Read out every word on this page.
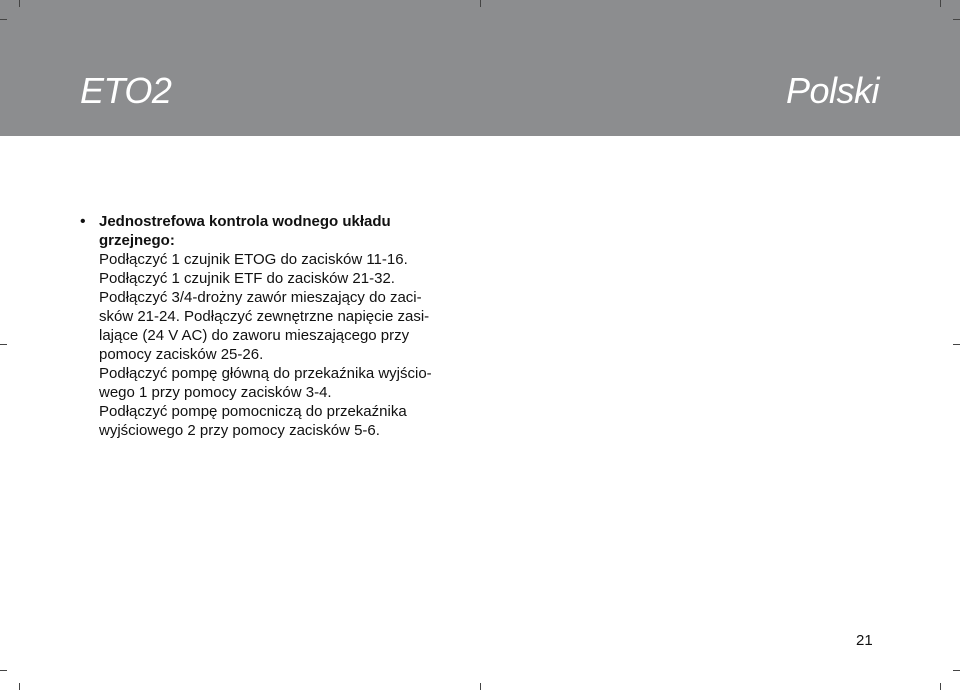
ETO2	Polski
• Jednostrefowa kontrola wodnego układu grzejnego:
Podłączyć 1 czujnik ETOG do zacisków 11-16.
Podłączyć 1 czujnik ETF do zacisków 21-32.
Podłączyć 3/4-drożny zawór mieszający do zaci-
sków 21-24. Podłączyć zewnętrzne napięcie zasi-
lające (24 V AC) do zaworu mieszającego przy
pomocy zacisków 25-26.
Podłączyć pompę główną do przekaźnika wyjścio-
wego 1 przy pomocy zacisków 3-4.
Podłączyć pompę pomocniczą do przekaźnika
wyjściowego 2 przy pomocy zacisków 5-6.
21
